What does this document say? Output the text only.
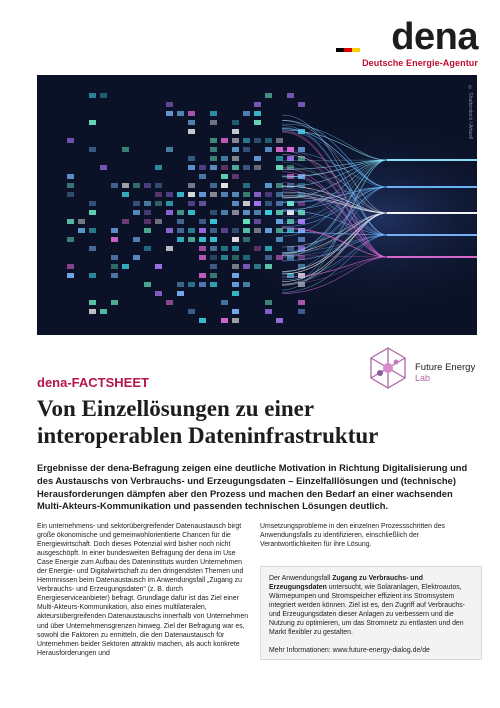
dena
Deutsche Energie-Agentur
© Shutterstock / Artwell
Future Energy
Lab
dena-FACTSHEET
Von Einzellösungen zu einer
interoperablen Dateninfrastruktur
Ergebnisse der dena-Befragung zeigen eine deutliche Motivation in Richtung Digitalisierung und des Austauschs von Verbrauchs- und Erzeugungsdaten – Einzelfalllösungen und (technische) Herausforderungen dämpfen aber den Prozess und machen den Bedarf an einer wachsenden Multi-Akteurs-Kommunikation und passenden technischen Lösungen deutlich.
Ein unternehmens- und sektorübergreifender Datenaustausch birgt große ökonomische und gemeinwohlorientierte Chancen für die Energiewirtschaft. Doch dieses Potenzial wird bisher noch nicht ausgeschöpft. In einer bundesweiten Befragung der dena im Use Case Energie zum Aufbau des Dateninstituts wurden Unternehmen der Energie- und Digitalwirtschaft zu den dringendsten Themen und Hemmnissen beim Datenaustausch im Anwendungsfall „Zugang zu Verbrauchs- und Erzeugungsdaten“ (z. B. durch Energieserviceanbieter) befragt. Grundlage dafür ist das Ziel einer Multi-Akteurs-Kommunikation, also eines multilateralen, akteursübergreifenden Datenaustauschs innerhalb von Unternehmen und über Unternehmensgrenzen hinweg. Ziel der Befragung war es, sowohl die Faktoren zu ermitteln, die den Datenaustausch für Unternehmen beider Sektoren attraktiv machen, als auch konkrete Herausforderungen und
Umsetzungsprobleme in den einzelnen Prozessschritten des Anwendungsfalls zu identifizieren, einschließlich der Verantwortlichkeiten für ihre Lösung.
Der Anwendungsfall Zugang zu Verbrauchs- und Erzeugungsdaten untersucht, wie Solaranlagen, Elektroautos, Wärmepumpen und Stromspeicher effizient ins Stromsystem integriert werden können. Ziel ist es, den Zugriff auf Verbrauchs- und Erzeugungsdaten dieser Anlagen zu verbessern und die Nutzung zu optimieren, um das Stromnetz zu entlasten und den Markt flexibler zu gestalten.
Mehr Informationen: www.future-energy-dialog.de/de
